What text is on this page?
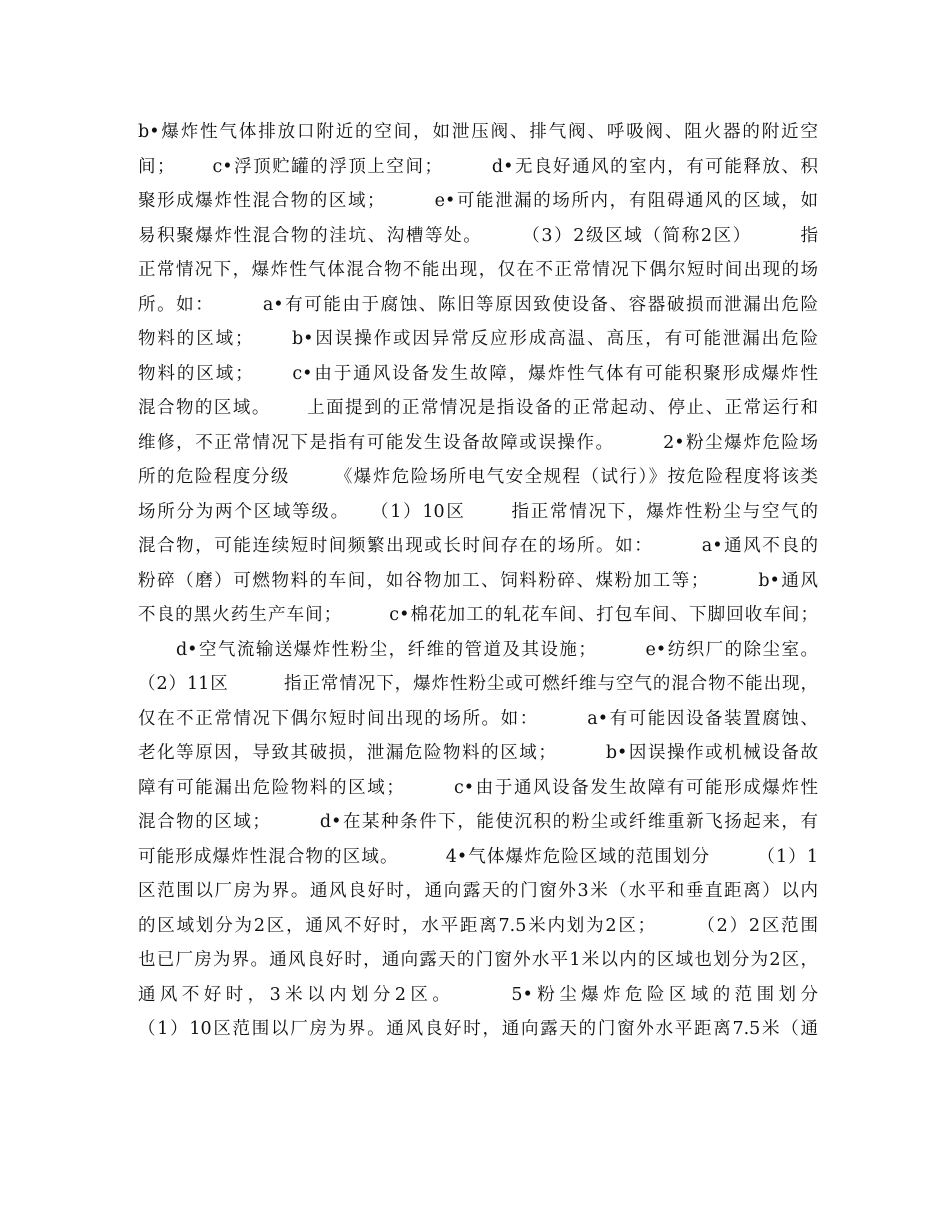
b•爆炸性气体排放口附近的空间，如泄压阀、排气阀、呼吸阀、阻火器的附近空
间；　　 c•浮顶贮罐的浮顶上空间；　　　d•无良好通风的室内，有可能释放、积
聚形成爆炸性混合物的区域；　　　e•可能泄漏的场所内，有阻碍通风的区域，如
易积聚爆炸性混合物的洼坑、沟槽等处。　　　（3）2级区域（简称2区）　　　指
正常情况下，爆炸性气体混合物不能出现，仅在不正常情况下偶尔短时间出现的场
所。如：　　　a•有可能由于腐蚀、陈旧等原因致使设备、容器破损而泄漏出危险
物料的区域；　　 b•因误操作或因异常反应形成高温、高压，有可能泄漏出危险
物料的区域；　　 c•由于通风设备发生故障，爆炸性气体有可能积聚形成爆炸性
混合物的区域。　　 上面提到的正常情况是指设备的正常起动、停止、正常运行和
维修，不正常情况下是指有可能发生设备故障或误操作。　　　2•粉尘爆炸危险场
所的危险程度分级　　 《爆炸危险场所电气安全规程（试行）》按危险程度将该类
场所分为两个区域等级。　　（1）10区　　 指正常情况下，爆炸性粉尘与空气的
混合物，可能连续短时间频繁出现或长时间存在的场所。如：　　　a•通风不良的
粉碎（磨）可燃物料的车间，如谷物加工、饲料粉碎、煤粉加工等；　　　b•通风
不良的黑火药生产车间；　　　c•棉花加工的轧花车间、打包车间、下脚回收车间；
　　d•空气流输送爆炸性粉尘，纤维的管道及其设施；　　　e•纺织厂的除尘室。
（2）11区　　　指正常情况下，爆炸性粉尘或可燃纤维与空气的混合物不能出现，
仅在不正常情况下偶尔短时间出现的场所。如：　　　a•有可能因设备装置腐蚀、
老化等原因，导致其破损，泄漏危险物料的区域；　　　b•因误操作或机械设备故
障有可能漏出危险物料的区域；　　　c•由于通风设备发生故障有可能形成爆炸性
混合物的区域；　　　d•在某种条件下，能使沉积的粉尘或纤维重新飞扬起来，有
可能形成爆炸性混合物的区域。　　　4•气体爆炸危险区域的范围划分　　　（1）1
区范围以厂房为界。通风良好时，通向露天的门窗外3米（水平和垂直距离）以内
的区域划分为2区，通风不好时，水平距离7.5米内划为2区；　　　（2）2区范围
也已厂房为界。通风良好时，通向露天的门窗外水平1米以内的区域也划分为2区，
通风不好时，3米以内划分2区。　　　5•粉尘爆炸危险区域的范围划分
（1）10区范围以厂房为界。通风良好时，通向露天的门窗外水平距离7.5米（通
